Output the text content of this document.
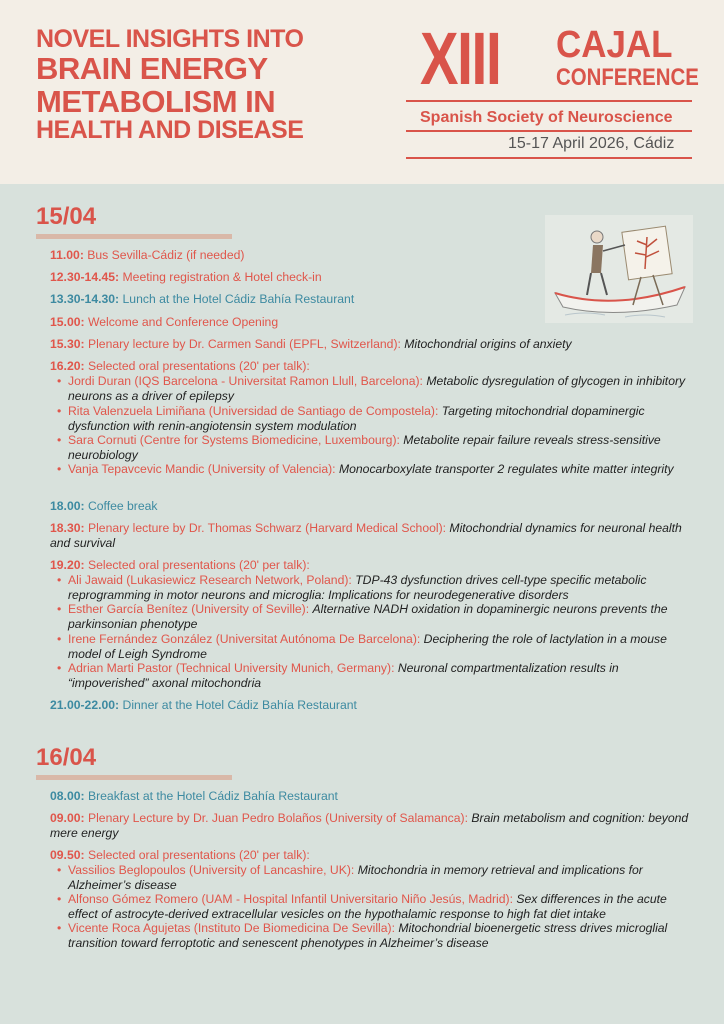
NOVEL INSIGHTS INTO
BRAIN ENERGY
METABOLISM IN
HEALTH AND DISEASE
XIII CAJAL
CONFERENCE
Spanish Society of Neuroscience
15-17 April 2026, Cádiz
15/04
11.00: Bus Sevilla-Cádiz (if needed)
12.30-14.45: Meeting registration & Hotel check-in
13.30-14.30: Lunch at the Hotel Cádiz Bahía Restaurant
15.00: Welcome and Conference Opening
15.30: Plenary lecture by Dr. Carmen Sandi (EPFL, Switzerland): Mitochondrial origins of anxiety
16.20: Selected oral presentations (20' per talk):
• Jordi Duran (IQS Barcelona - Universitat Ramon Llull, Barcelona): Metabolic dysregulation of glycogen in inhibitory neurons as a driver of epilepsy
• Rita Valenzuela Limiñana (Universidad de Santiago de Compostela): Targeting mitochondrial dopaminergic dysfunction with renin-angiotensin system modulation
• Sara Cornuti (Centre for Systems Biomedicine, Luxembourg): Metabolite repair failure reveals stress-sensitive neurobiology
• Vanja Tepavcevic Mandic (University of Valencia): Monocarboxylate transporter 2 regulates white matter integrity
18.00: Coffee break
18.30: Plenary lecture by Dr. Thomas Schwarz (Harvard Medical School): Mitochondrial dynamics for neuronal health and survival
19.20: Selected oral presentations (20' per talk):
• Ali Jawaid (Lukasiewicz Research Network, Poland): TDP-43 dysfunction drives cell-type specific metabolic reprogramming in motor neurons and microglia: Implications for neurodegenerative disorders
• Esther García Benítez (University of Seville): Alternative NADH oxidation in dopaminergic neurons prevents the parkinsonian phenotype
• Irene Fernández González (Universitat Autónoma De Barcelona): Deciphering the role of lactylation in a mouse model of Leigh Syndrome
• Adrian Marti Pastor (Technical University Munich, Germany): Neuronal compartmentalization results in “impoverished” axonal mitochondria
21.00-22.00: Dinner at the Hotel Cádiz Bahía Restaurant
16/04
08.00: Breakfast at the Hotel Cádiz Bahía Restaurant
09.00: Plenary Lecture by Dr. Juan Pedro Bolaños (University of Salamanca): Brain metabolism and cognition: beyond mere energy
09.50: Selected oral presentations (20' per talk):
• Vassilios Beglopoulos (University of Lancashire, UK): Mitochondria in memory retrieval and implications for Alzheimer’s disease
• Alfonso Gómez Romero (UAM - Hospital Infantil Universitario Niño Jesús, Madrid): Sex differences in the acute effect of astrocyte-derived extracellular vesicles on the hypothalamic response to high fat diet intake
• Vicente Roca Agujetas (Instituto De Biomedicina De Sevilla): Mitochondrial bioenergetic stress drives microglial transition toward ferroptotic and senescent phenotypes in Alzheimer’s disease
